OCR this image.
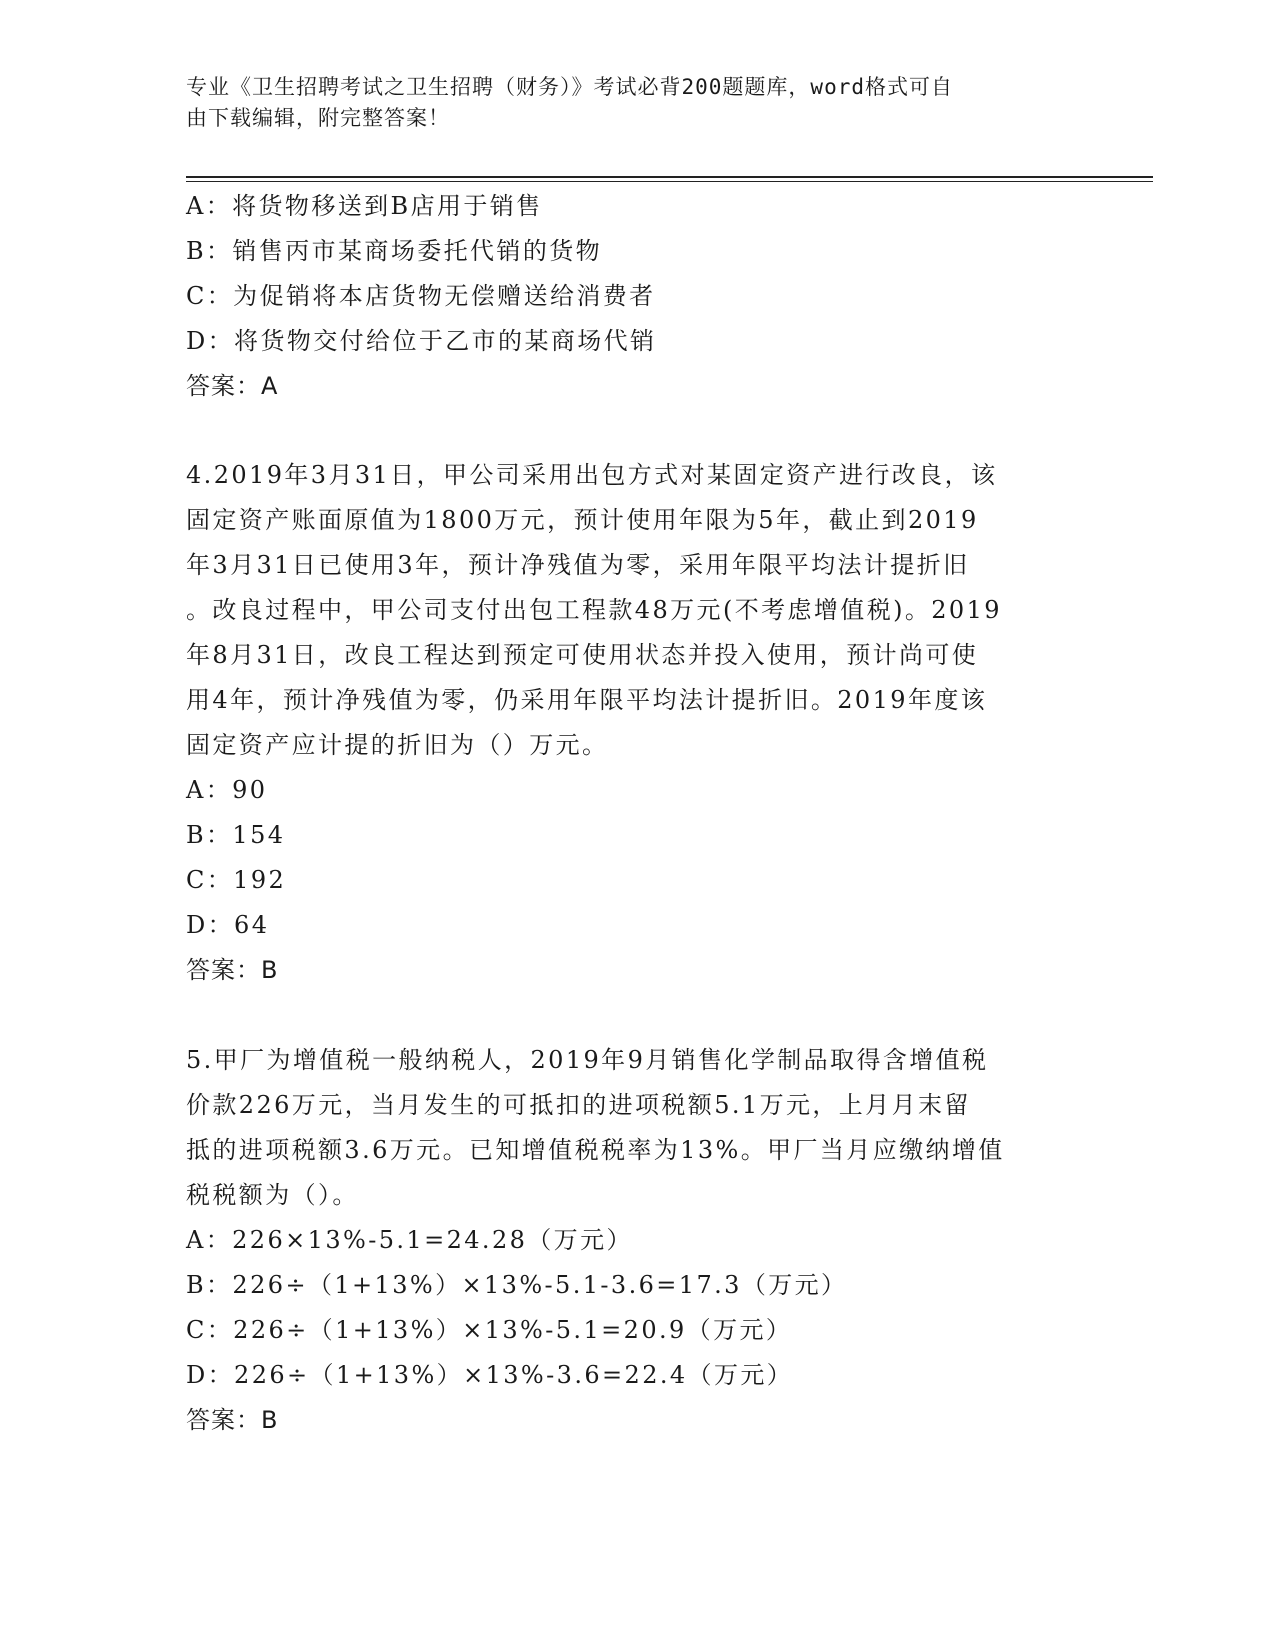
专业《卫生招聘考试之卫生招聘（财务）》考试必背200题题库，word格式可自
由下载编辑，附完整答案！
A：将货物移送到B店用于销售
B：销售丙市某商场委托代销的货物
C：为促销将本店货物无偿赠送给消费者
D：将货物交付给位于乙市的某商场代销
答案：A
4.2019年3月31日，甲公司采用出包方式对某固定资产进行改良，该
固定资产账面原值为1800万元，预计使用年限为5年，截止到2019
年3月31日已使用3年，预计净残值为零，采用年限平均法计提折旧
。改良过程中，甲公司支付出包工程款48万元(不考虑增值税)。2019
年8月31日，改良工程达到预定可使用状态并投入使用，预计尚可使
用4年，预计净残值为零，仍采用年限平均法计提折旧。2019年度该
固定资产应计提的折旧为（）万元。
A：90
B：154
C：192
D：64
答案：B
5.甲厂为增值税一般纳税人，2019年9月销售化学制品取得含增值税
价款226万元，当月发生的可抵扣的进项税额5.1万元，上月月末留
抵的进项税额3.6万元。已知增值税税率为13%。甲厂当月应缴纳增值
税税额为（）。
A：226×13%-5.1=24.28（万元）
B：226÷（1+13%）×13%-5.1-3.6=17.3（万元）
C：226÷（1+13%）×13%-5.1=20.9（万元）
D：226÷（1+13%）×13%-3.6=22.4（万元）
答案：B
